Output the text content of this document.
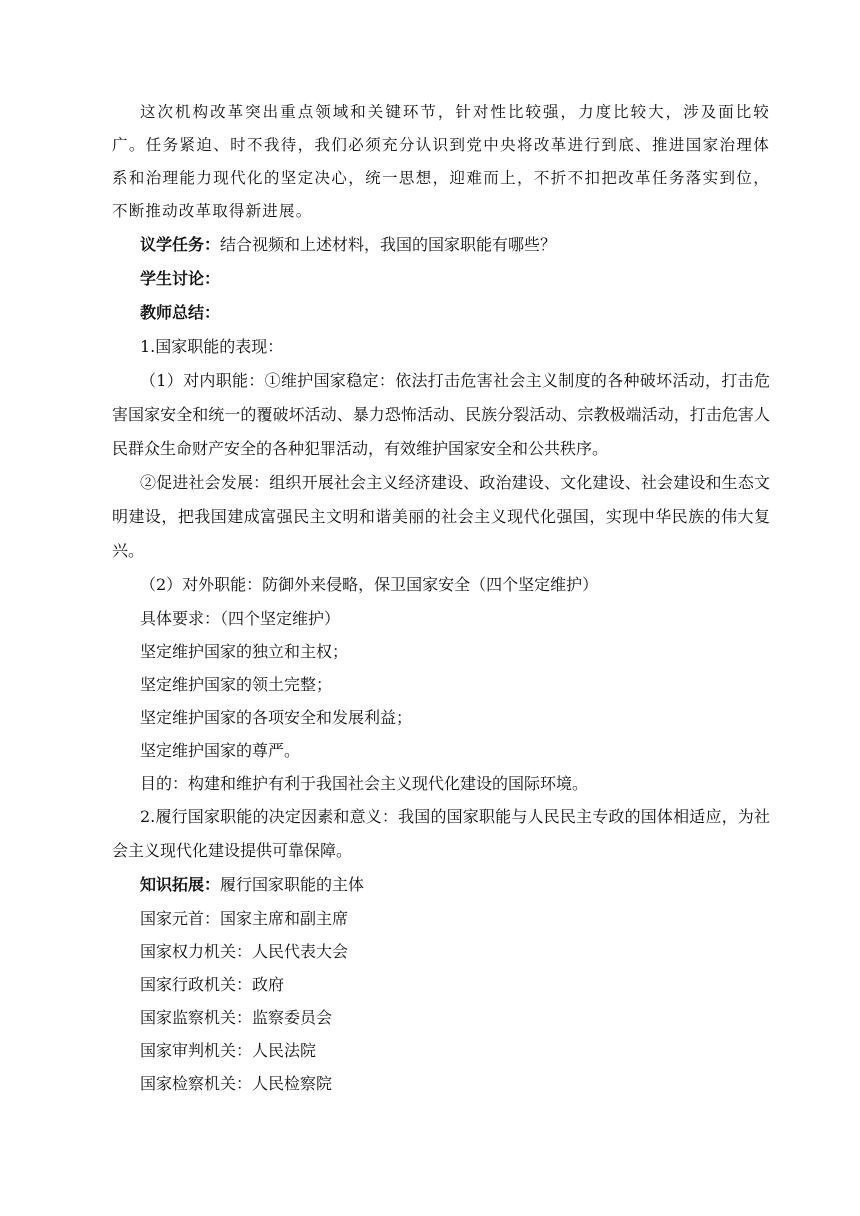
这次机构改革突出重点领域和关键环节，针对性比较强，力度比较大，涉及面比较广。任务紧迫、时不我待，我们必须充分认识到党中央将改革进行到底、推进国家治理体系和治理能力现代化的坚定决心，统一思想，迎难而上，不折不扣把改革任务落实到位，不断推动改革取得新进展。

议学任务：结合视频和上述材料，我国的国家职能有哪些？

学生讨论：

教师总结：

1.国家职能的表现：

（1）对内职能：①维护国家稳定：依法打击危害社会主义制度的各种破坏活动，打击危害国家安全和统一的覆破坏活动、暴力恐怖活动、民族分裂活动、宗教极端活动，打击危害人民群众生命财产安全的各种犯罪活动，有效维护国家安全和公共秩序。

②促进社会发展：组织开展社会主义经济建设、政治建设、文化建设、社会建设和生态文明建设，把我国建成富强民主文明和谐美丽的社会主义现代化强国，实现中华民族的伟大复兴。

（2）对外职能：防御外来侵略，保卫国家安全（四个坚定维护）

具体要求：（四个坚定维护）

坚定维护国家的独立和主权；

坚定维护国家的领土完整；

坚定维护国家的各项安全和发展利益；

坚定维护国家的尊严。

目的：构建和维护有利于我国社会主义现代化建设的国际环境。

2.履行国家职能的决定因素和意义：我国的国家职能与人民民主专政的国体相适应，为社会主义现代化建设提供可靠保障。

知识拓展：履行国家职能的主体

国家元首：国家主席和副主席

国家权力机关：人民代表大会

国家行政机关：政府

国家监察机关：监察委员会

国家审判机关：人民法院

国家检察机关：人民检察院
